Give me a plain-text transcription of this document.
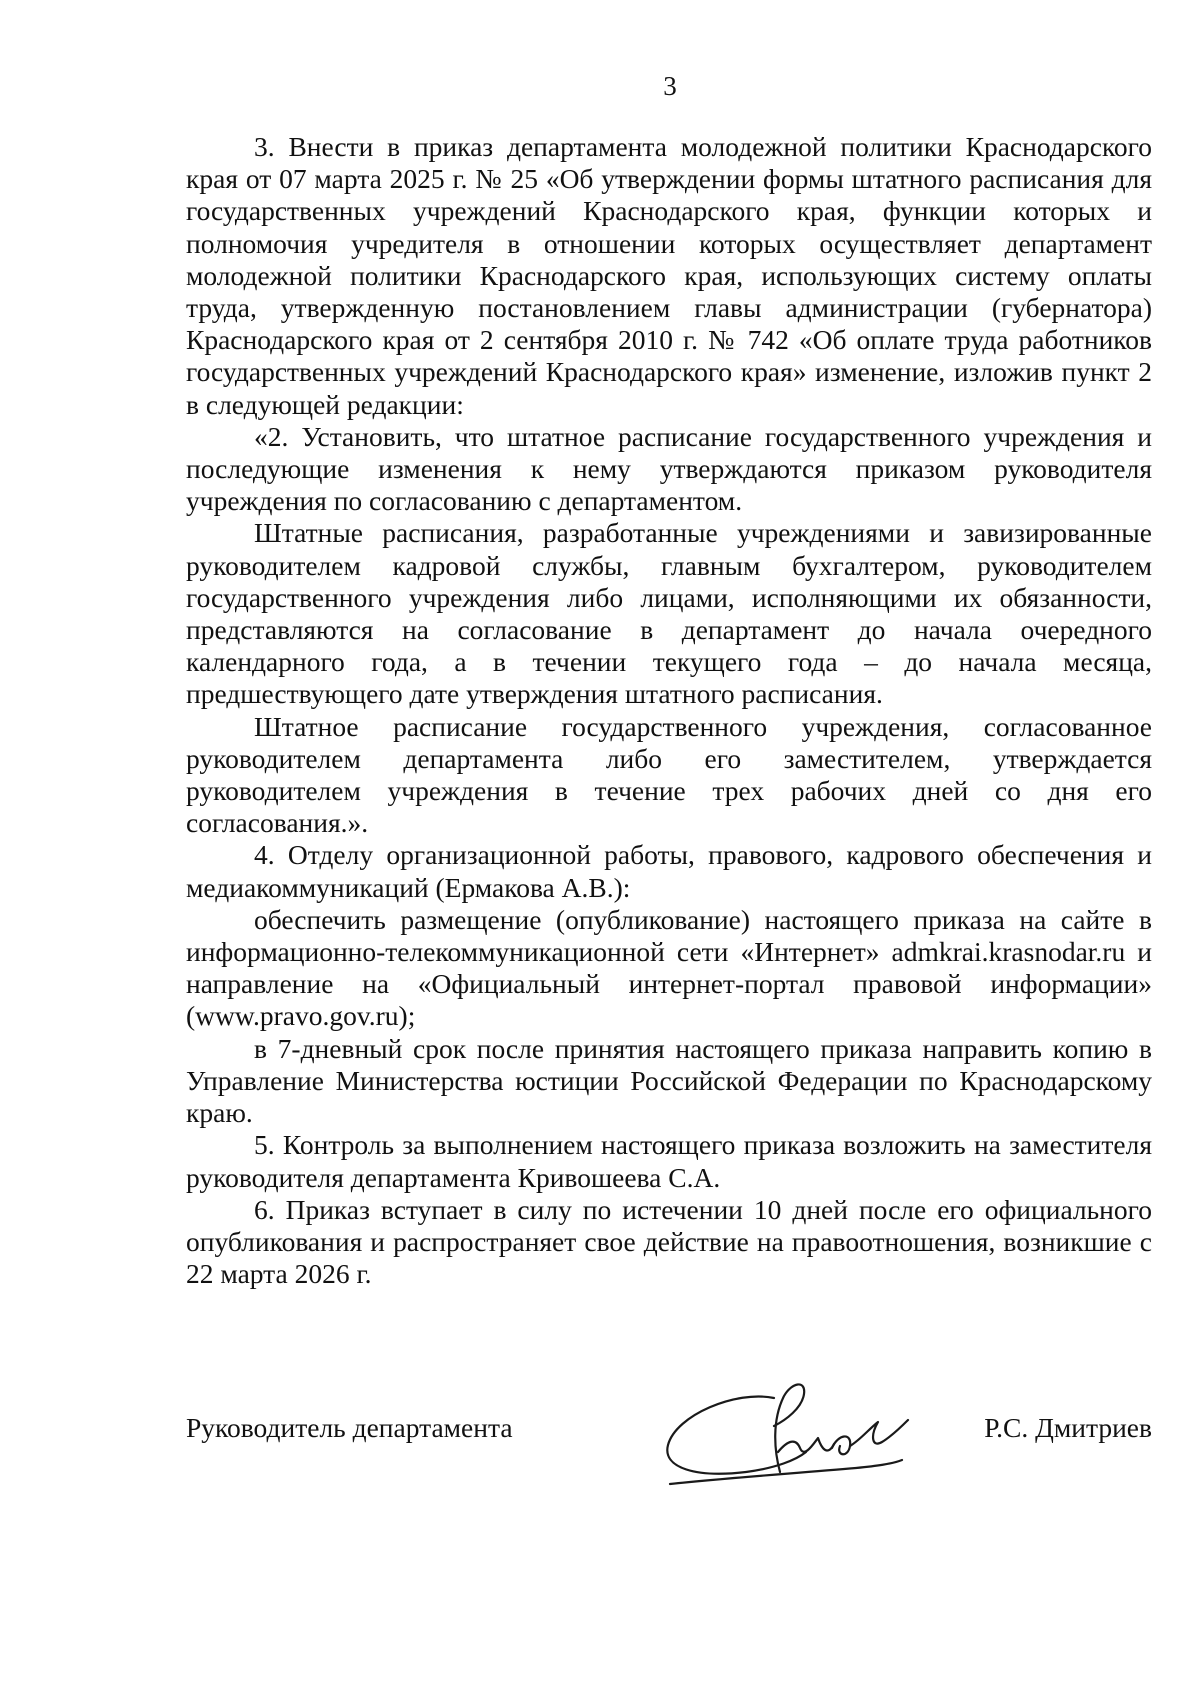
3

3. Внести в приказ департамента молодежной политики Краснодарского края от 07 марта 2025 г. № 25 «Об утверждении формы штатного расписания для государственных учреждений Краснодарского края, функции которых и полномочия учредителя в отношении которых осуществляет департамент молодежной политики Краснодарского края, использующих систему оплаты труда, утвержденную постановлением главы администрации (губернатора) Краснодарского края от 2 сентября 2010 г. № 742 «Об оплате труда работников государственных учреждений Краснодарского края» изменение, изложив пункт 2 в следующей редакции:

«2. Установить, что штатное расписание государственного учреждения и последующие изменения к нему утверждаются приказом руководителя учреждения по согласованию с департаментом.

Штатные расписания, разработанные учреждениями и завизированные руководителем кадровой службы, главным бухгалтером, руководителем государственного учреждения либо лицами, исполняющими их обязанности, представляются на согласование в департамент до начала очередного календарного года, а в течении текущего года – до начала месяца, предшествующего дате утверждения штатного расписания.

Штатное расписание государственного учреждения, согласованное руководителем департамента либо его заместителем, утверждается руководителем учреждения в течение трех рабочих дней со дня его согласования.».

4. Отделу организационной работы, правового, кадрового обеспечения и медиакоммуникаций (Ермакова А.В.):

обеспечить размещение (опубликование) настоящего приказа на сайте в информационно-телекоммуникационной сети «Интернет» admkrai.krasnodar.ru и направление на «Официальный интернет-портал правовой информации» (www.pravo.gov.ru);

в 7-дневный срок после принятия настоящего приказа направить копию в Управление Министерства юстиции Российской Федерации по Краснодарскому краю.

5. Контроль за выполнением настоящего приказа возложить на заместителя руководителя департамента Кривошеева С.А.

6. Приказ вступает в силу по истечении 10 дней после его официального опубликования и распространяет свое действие на правоотношения, возникшие с 22 марта 2026 г.

Руководитель департамента	Р.С. Дмитриев
